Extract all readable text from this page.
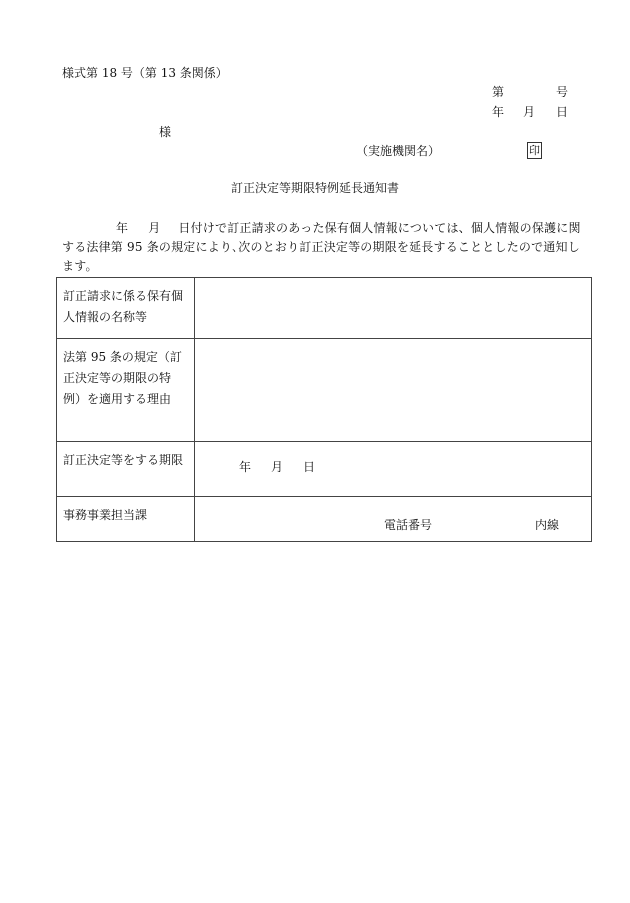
様式第 18 号（第 13 条関係）
第	号
年 月 日
様
（実施機関名）	印
訂正決定等期限特例延長通知書
年 月 日付けで訂正請求のあった保有個人情報については、個人情報の保護に関する法律第 95 条の規定により､次のとおり訂正決定等の期限を延長することとしたので通知します。
訂正請求に係る保有個人情報の名称等	
法第 95 条の規定（訂正決定等の期限の特例）を適用する理由	
訂正決定等をする期限	年 月 日

事務事業担当課	電話番号 内線
